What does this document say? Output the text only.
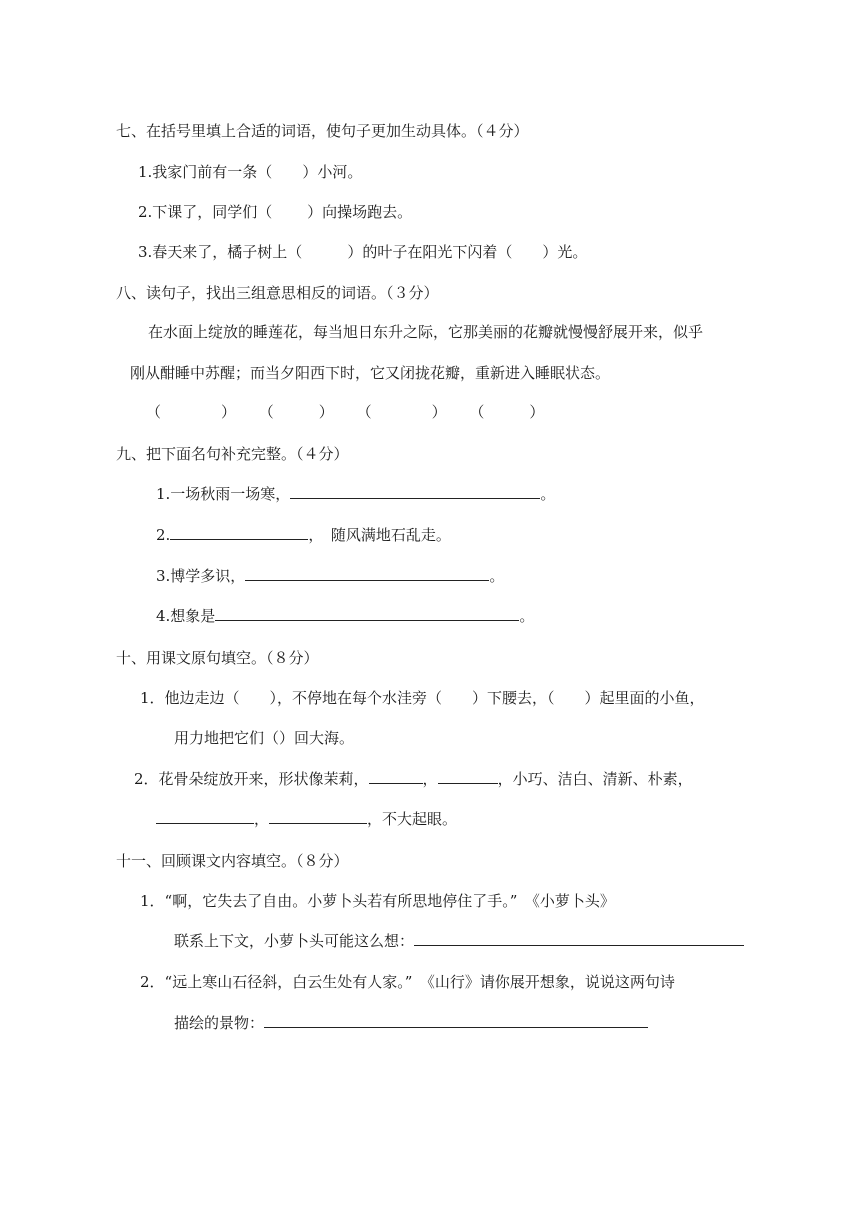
七、在括号里填上合适的词语，使句子更加生动具体。（４分）
1.我家门前有一条（　　）小河。
2.下课了，同学们（　　 ）向操场跑去。
3.春天来了，橘子树上（　　　）的叶子在阳光下闪着（　　）光。
八、读句子，找出三组意思相反的词语。（３分）
在水面上绽放的睡莲花，每当旭日东升之际，它那美丽的花瓣就慢慢舒展开来，似乎
刚从酣睡中苏醒；而当夕阳西下时，它又闭拢花瓣，重新进入睡眠状态。
（　　　　） （　　　） （　　　　） （　　　）
九、把下面名句补充完整。（４分）
1.一场秋雨一场寒，	。
2.	，　随风满地石乱走。
3.博学多识，	。
4.想象是	。
十、用课文原句填空。（８分）
1．他边走边（　　），不停地在每个水洼旁（　　）下腰去，（　　）起里面的小鱼，
用力地把它们（）回大海。
2．花骨朵绽放开来，形状像茉莉，	，	，小巧、洁白、清新、朴素，
，	，不大起眼。
十一、回顾课文内容填空。（８分）
1．“啊，它失去了自由。小萝卜头若有所思地停住了手。”　《小萝卜头》
联系上下文，小萝卜头可能这么想：
2．“远上寒山石径斜，白云生处有人家。”　《山行》请你展开想象，说说这两句诗
描绘的景物：
